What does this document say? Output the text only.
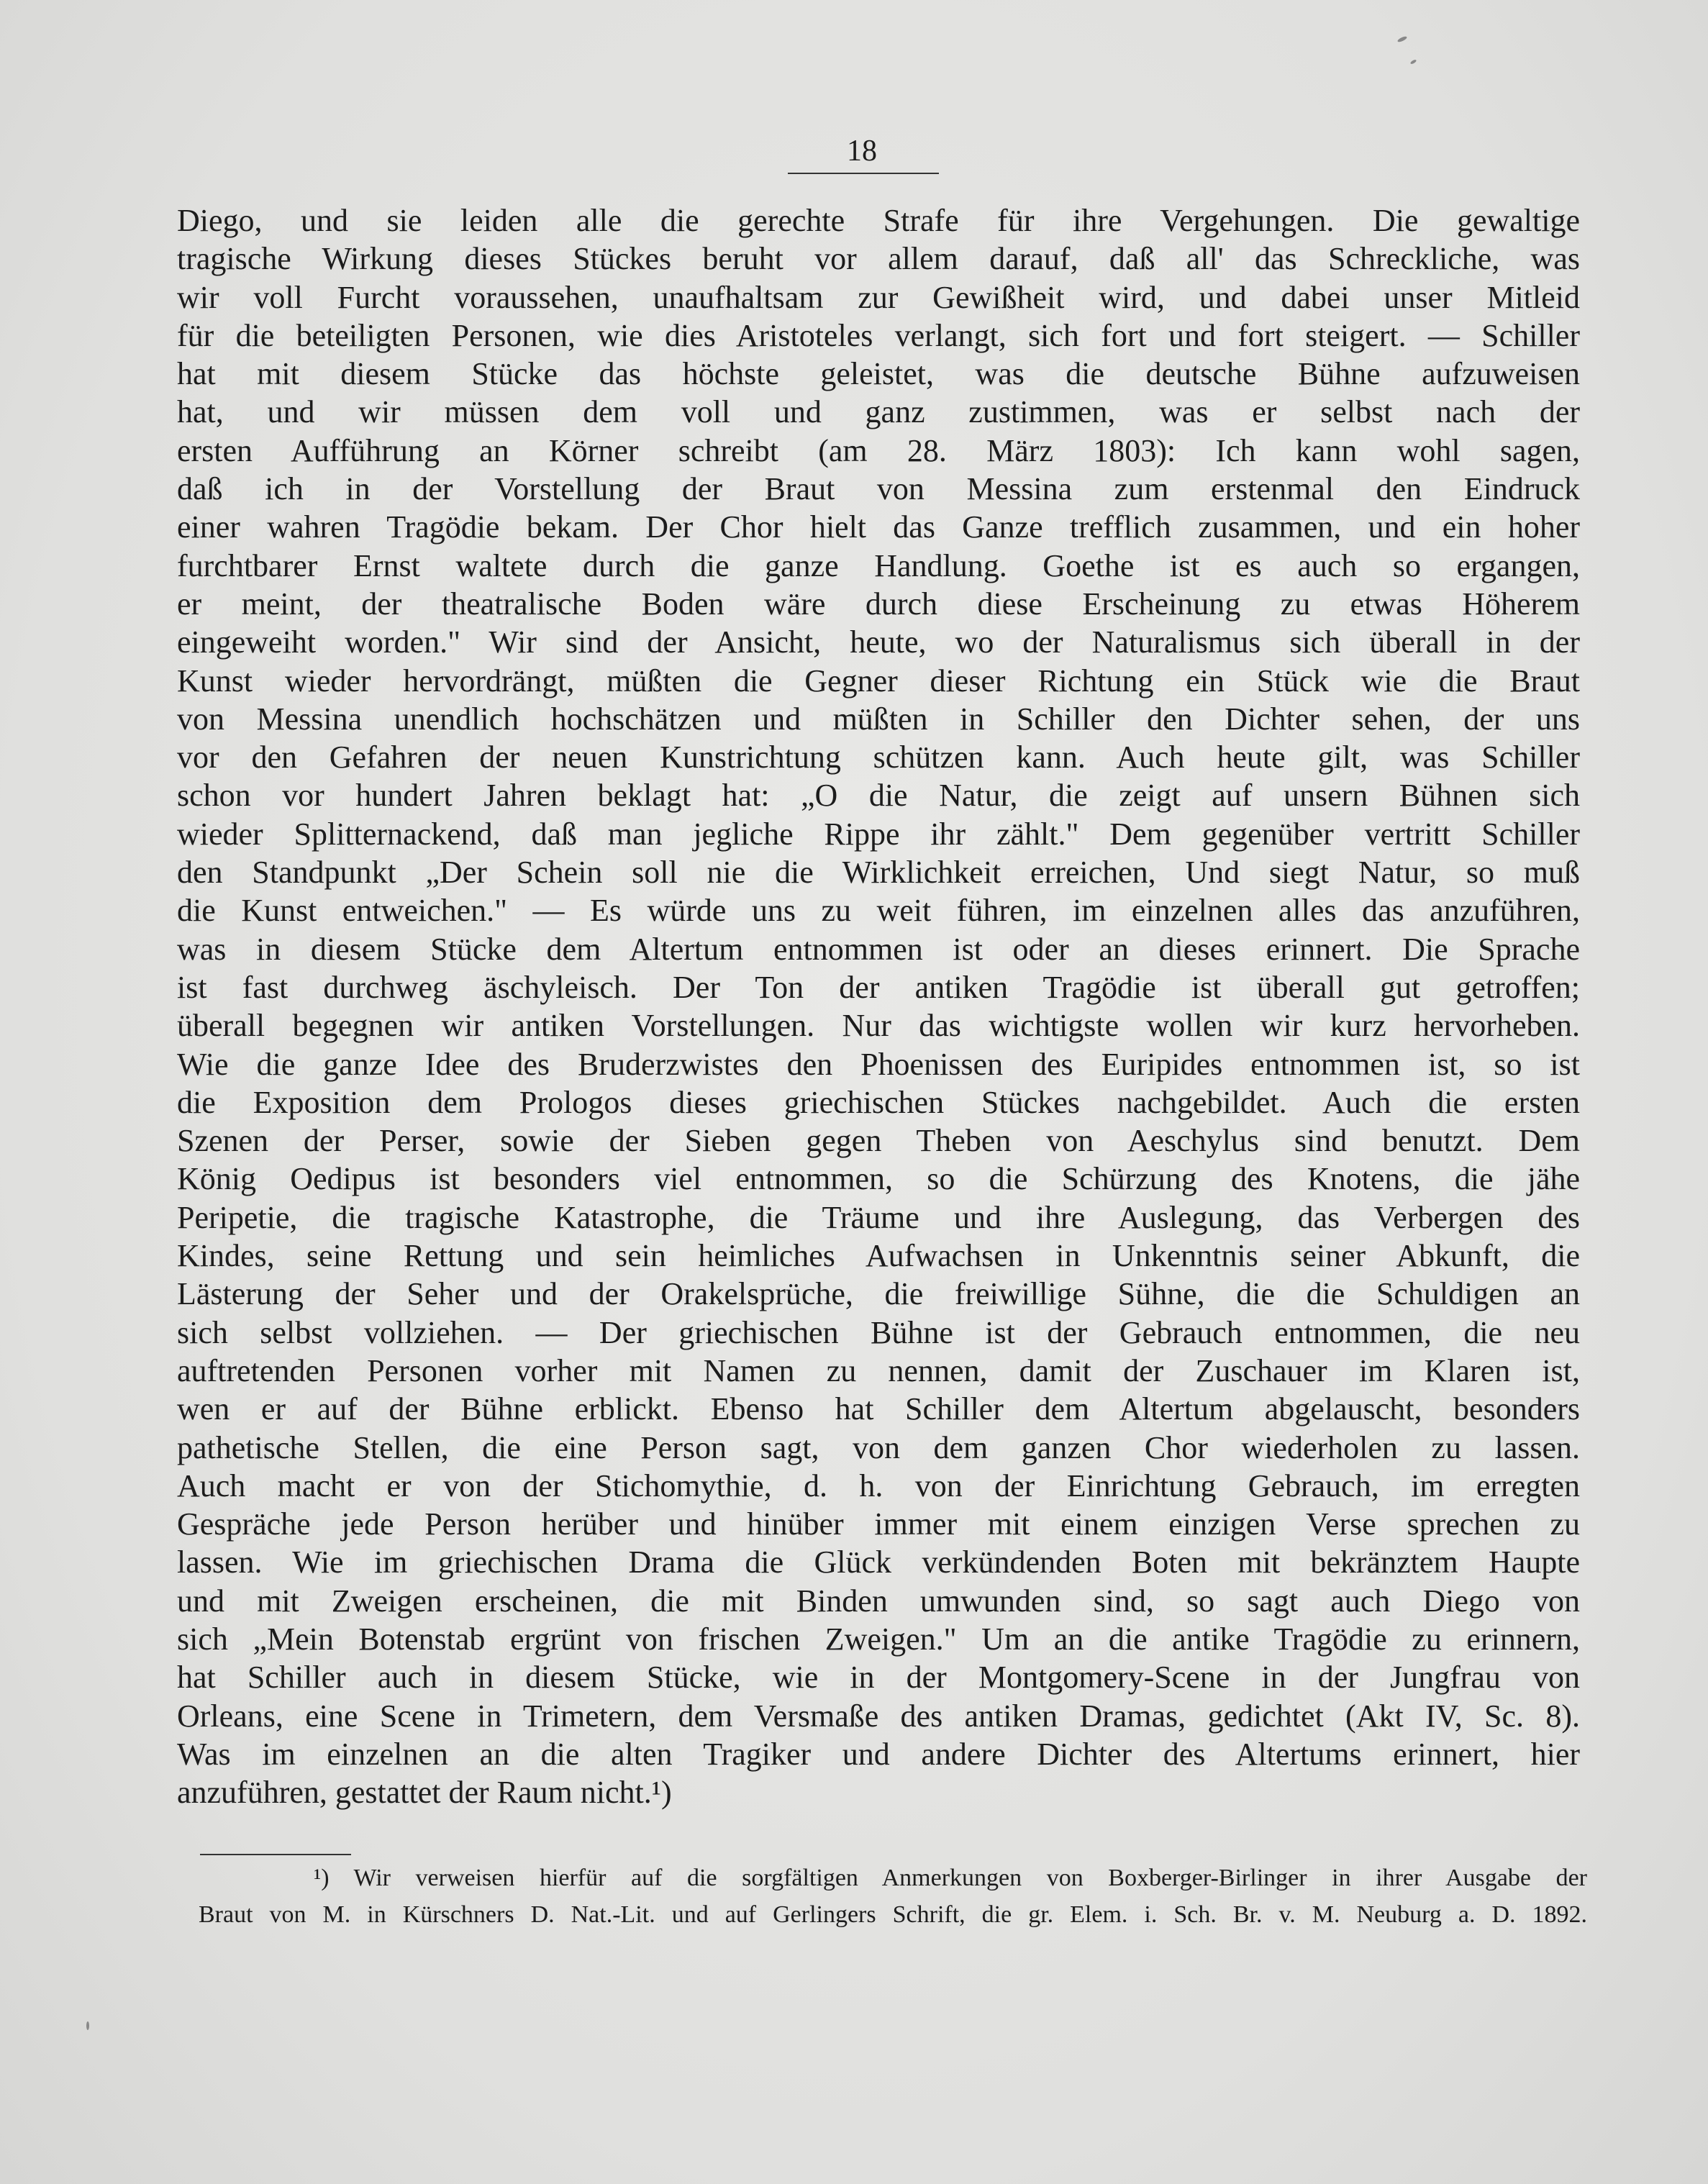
18
Diego, und sie leiden alle die gerechte Strafe für ihre Vergehungen. Die gewaltige
tragische Wirkung dieses Stückes beruht vor allem darauf, daß all' das Schreckliche, was
wir voll Furcht voraussehen, unaufhaltsam zur Gewißheit wird, und dabei unser Mitleid
für die beteiligten Personen, wie dies Aristoteles verlangt, sich fort und fort steigert. — Schiller
hat mit diesem Stücke das höchste geleistet, was die deutsche Bühne aufzuweisen
hat, und wir müssen dem voll und ganz zustimmen, was er selbst nach der
ersten Aufführung an Körner schreibt (am 28. März 1803): Ich kann wohl sagen,
daß ich in der Vorstellung der Braut von Messina zum erstenmal den Eindruck
einer wahren Tragödie bekam. Der Chor hielt das Ganze trefflich zusammen, und ein hoher
furchtbarer Ernst waltete durch die ganze Handlung. Goethe ist es auch so ergangen,
er meint, der theatralische Boden wäre durch diese Erscheinung zu etwas Höherem
eingeweiht worden." Wir sind der Ansicht, heute, wo der Naturalismus sich überall in der
Kunst wieder hervordrängt, müßten die Gegner dieser Richtung ein Stück wie die Braut
von Messina unendlich hochschätzen und müßten in Schiller den Dichter sehen, der uns
vor den Gefahren der neuen Kunstrichtung schützen kann. Auch heute gilt, was Schiller
schon vor hundert Jahren beklagt hat: „O die Natur, die zeigt auf unsern Bühnen sich
wieder Splitternackend, daß man jegliche Rippe ihr zählt." Dem gegenüber vertritt Schiller
den Standpunkt „Der Schein soll nie die Wirklichkeit erreichen, Und siegt Natur, so muß
die Kunst entweichen." — Es würde uns zu weit führen, im einzelnen alles das anzuführen,
was in diesem Stücke dem Altertum entnommen ist oder an dieses erinnert. Die Sprache
ist fast durchweg äschyleisch. Der Ton der antiken Tragödie ist überall gut getroffen;
überall begegnen wir antiken Vorstellungen. Nur das wichtigste wollen wir kurz hervorheben.
Wie die ganze Idee des Bruderzwistes den Phoenissen des Euripides entnommen ist, so ist
die Exposition dem Prologos dieses griechischen Stückes nachgebildet. Auch die ersten
Szenen der Perser, sowie der Sieben gegen Theben von Aeschylus sind benutzt. Dem
König Oedipus ist besonders viel entnommen, so die Schürzung des Knotens, die jähe
Peripetie, die tragische Katastrophe, die Träume und ihre Auslegung, das Verbergen des
Kindes, seine Rettung und sein heimliches Aufwachsen in Unkenntnis seiner Abkunft, die
Lästerung der Seher und der Orakelsprüche, die freiwillige Sühne, die die Schuldigen an
sich selbst vollziehen. — Der griechischen Bühne ist der Gebrauch entnommen, die neu
auftretenden Personen vorher mit Namen zu nennen, damit der Zuschauer im Klaren ist,
wen er auf der Bühne erblickt. Ebenso hat Schiller dem Altertum abgelauscht, besonders
pathetische Stellen, die eine Person sagt, von dem ganzen Chor wiederholen zu lassen.
Auch macht er von der Stichomythie, d. h. von der Einrichtung Gebrauch, im erregten
Gespräche jede Person herüber und hinüber immer mit einem einzigen Verse sprechen zu
lassen. Wie im griechischen Drama die Glück verkündenden Boten mit bekränztem Haupte
und mit Zweigen erscheinen, die mit Binden umwunden sind, so sagt auch Diego von
sich „Mein Botenstab ergrünt von frischen Zweigen." Um an die antike Tragödie zu erinnern,
hat Schiller auch in diesem Stücke, wie in der Montgomery-Scene in der Jungfrau von
Orleans, eine Scene in Trimetern, dem Versmaße des antiken Dramas, gedichtet (Akt IV, Sc. 8).
Was im einzelnen an die alten Tragiker und andere Dichter des Altertums erinnert, hier
anzuführen, gestattet der Raum nicht.¹)
¹) Wir verweisen hierfür auf die sorgfältigen Anmerkungen von Boxberger-Birlinger in ihrer Ausgabe der
Braut von M. in Kürschners D. Nat.-Lit. und auf Gerlingers Schrift, die gr. Elem. i. Sch. Br. v. M. Neuburg a. D. 1892.
